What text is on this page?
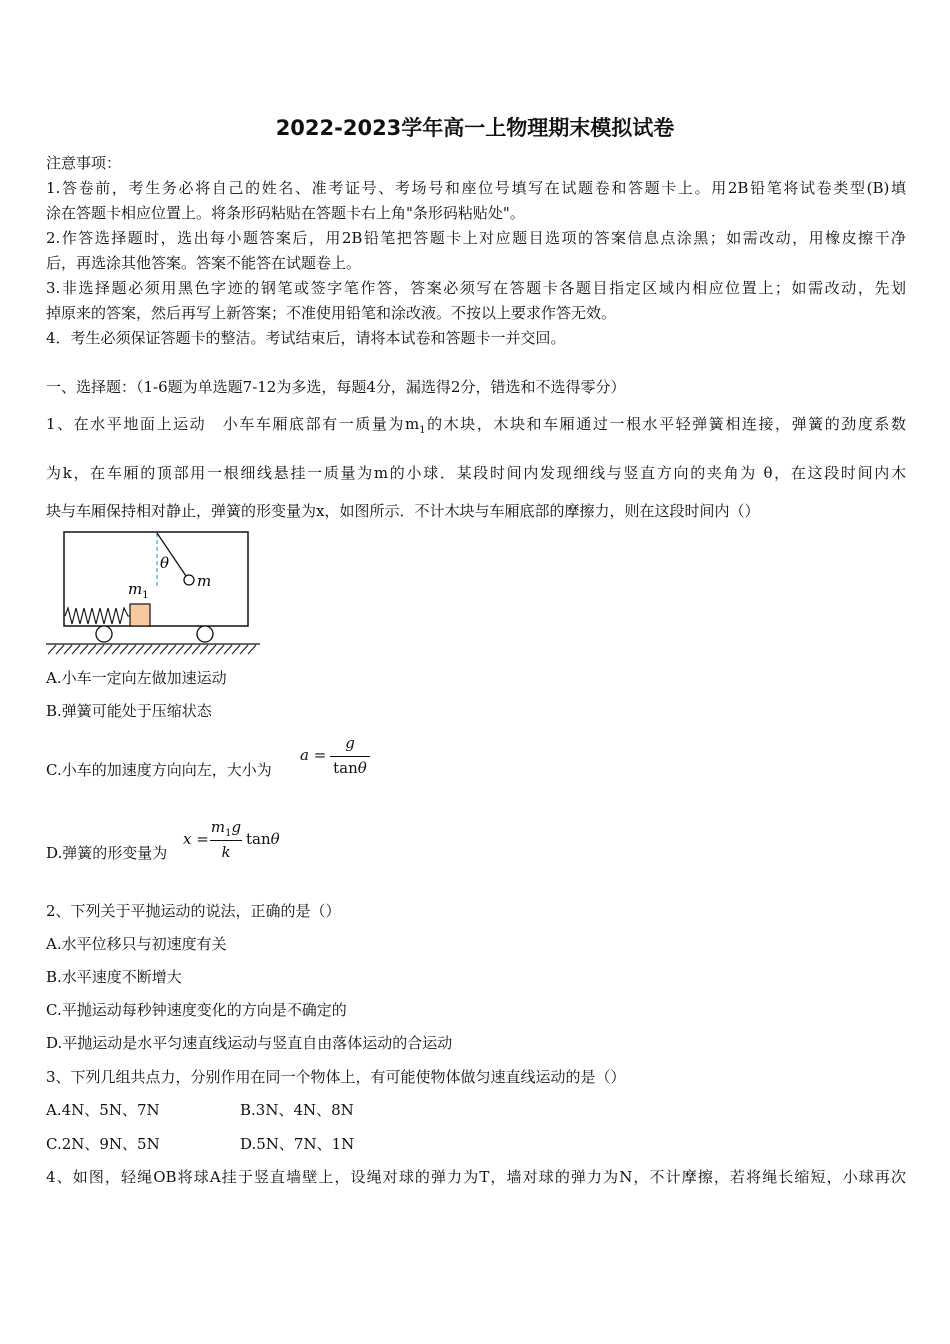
2022-2023学年高一上物理期末模拟试卷
注意事项：
1.答卷前，考生务必将自己的姓名、准考证号、考场号和座位号填写在试题卷和答题卡上。用2B铅笔将试卷类型(B)填
涂在答题卡相应位置上。将条形码粘贴在答题卡右上角"条形码粘贴处"。
2.作答选择题时，选出每小题答案后，用2B铅笔把答题卡上对应题目选项的答案信息点涂黑；如需改动，用橡皮擦干净
后，再选涂其他答案。答案不能答在试题卷上。
3.非选择题必须用黑色字迹的钢笔或签字笔作答，答案必须写在答题卡各题目指定区域内相应位置上；如需改动，先划
掉原来的答案，然后再写上新答案；不准使用铅笔和涂改液。不按以上要求作答无效。
4．考生必须保证答题卡的整洁。考试结束后，请将本试卷和答题卡一并交回。
一、选择题：（1-6题为单选题7-12为多选，每题4分，漏选得2分，错选和不选得零分）
1、在水平地面上运动　小车车厢底部有一质量为$m_1$的木块，木块和车厢通过一根水平轻弹簧相连接，弹簧的劲度系数
为k，在车厢的顶部用一根细线悬挂一质量为m的小球．某段时间内发现细线与竖直方向的夹角为 θ，在这段时间内木
块与车厢保持相对静止，弹簧的形变量为x，如图所示．不计木块与车厢底部的摩擦力，则在这段时间内（）
θ
m
$m_1$
A.小车一定向左做加速运动
B.弹簧可能处于压缩状态
C.小车的加速度方向向左，大小为
a =
g
tanθ
D.弹簧的形变量为
x =
$m_1g$
k
tanθ
2、下列关于平抛运动的说法，正确的是（）
A.水平位移只与初速度有关
B.水平速度不断增大
C.平抛运动每秒钟速度变化的方向是不确定的
D.平抛运动是水平匀速直线运动与竖直自由落体运动的合运动
3、下列几组共点力，分别作用在同一个物体上，有可能使物体做匀速直线运动的是（）
A.4N、5N、7N	B.3N、4N、8N
C.2N、9N、5N	D.5N、7N、1N
4、如图，轻绳OB将球A挂于竖直墙壁上，设绳对球的弹力为T，墙对球的弹力为N，不计摩擦，若将绳长缩短，小球再次
